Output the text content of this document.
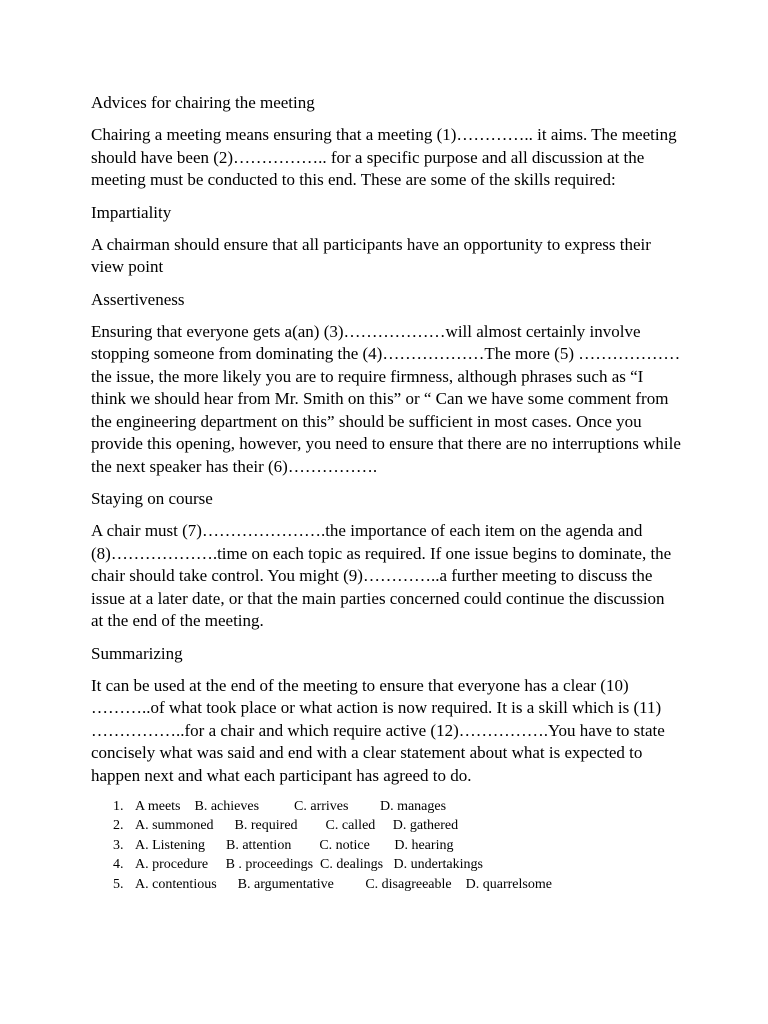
Advices for chairing the meeting

Chairing a meeting means ensuring that a meeting (1)………….. it aims. The meeting should have been (2)…………….. for a specific purpose and all discussion at the meeting must be conducted to this end. These are some of the skills required:

Impartiality

A chairman should ensure that all participants have an opportunity to express their view point

Assertiveness

Ensuring that everyone gets a(an) (3)………………will almost certainly involve stopping someone from dominating the (4)………………The more (5) ………………the issue, the more likely you are to require firmness, although phrases such as “I think we should hear from Mr. Smith on this” or “ Can we have some comment from the engineering department on this” should be sufficient in most cases. Once you provide this opening, however, you need to ensure that there are no interruptions while the next speaker has their (6)…………….

Staying on course

A chair must (7)………………….the importance of each item on the agenda and (8)……………….time on each topic as required. If one issue begins to dominate, the chair should take control. You might (9)…………..a further meeting to discuss the issue at a later date, or that the main parties concerned could continue the discussion at the end of the meeting.

Summarizing

It can be used at the end of the meeting to ensure that everyone has a clear (10) ………..of what took place or what action is now required. It is a skill which is (11) ……………..for a chair and which require active (12)…………….You have to state concisely what was said and end with a clear statement about what is expected to happen next and what each participant has agreed to do.

1. A meets    B. achieves          C. arrives         D. manages
2. A. summoned      B. required        C. called     D. gathered
3. A. Listening      B. attention        C. notice       D. hearing
4. A. procedure     B . proceedings  C. dealings   D. undertakings
5. A. contentious      B. argumentative         C. disagreeable    D. quarrelsome
